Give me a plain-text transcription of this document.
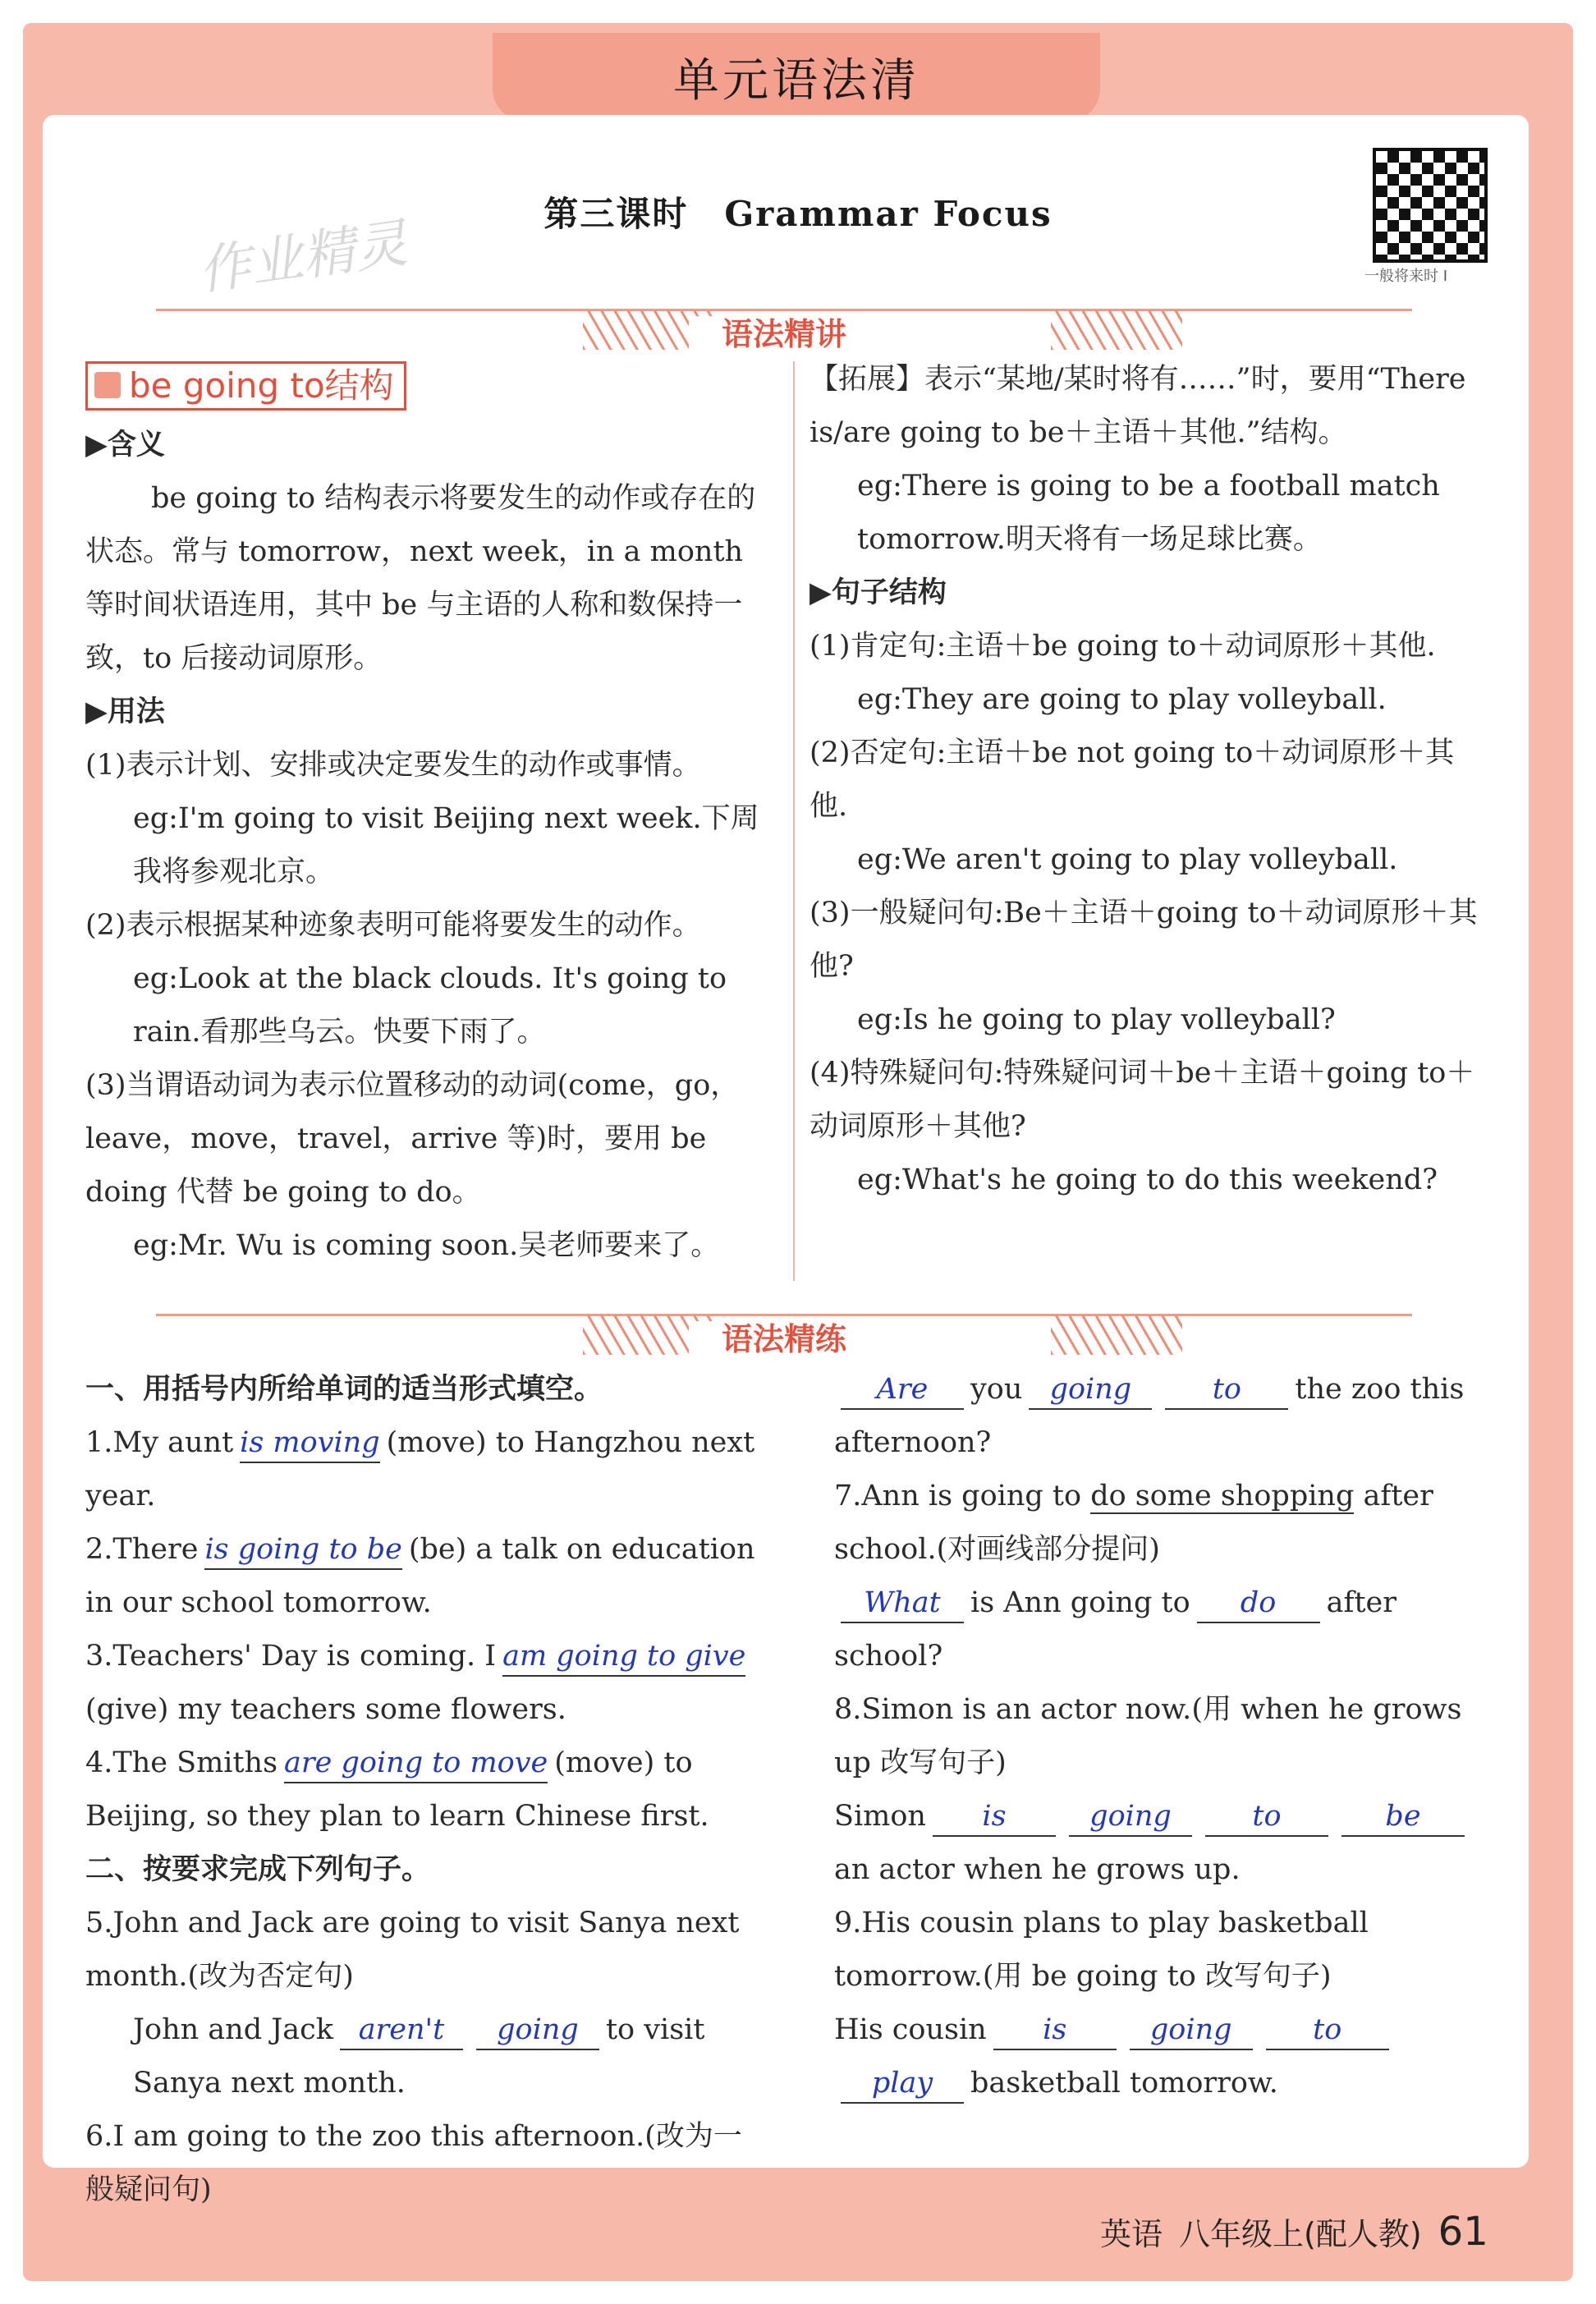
单元语法清
第三课时　Grammar Focus
一般将来时 I
作业精灵
语法精讲
be going to结构

▶含义

be going to 结构表示将要发生的动作或存在的状态。常与 tomorrow，next week，in a month 等时间状语连用，其中 be 与主语的人称和数保持一致，to 后接动词原形。

▶用法

(1)表示计划、安排或决定要发生的动作或事情。

eg:I'm going to visit Beijing next week.下周我将参观北京。

(2)表示根据某种迹象表明可能将要发生的动作。

eg:Look at the black clouds. It's going to rain.看那些乌云。快要下雨了。

(3)当谓语动词为表示位置移动的动词(come，go，leave，move，travel，arrive 等)时，要用 be doing 代替 be going to do。

eg:Mr. Wu is coming soon.吴老师要来了。

【拓展】表示“某地/某时将有……”时，要用“There is/are going to be＋主语＋其他.”结构。

eg:There is going to be a football match tomorrow.明天将有一场足球比赛。

▶句子结构

(1)肯定句:主语＋be going to＋动词原形＋其他.

eg:They are going to play volleyball.

(2)否定句:主语＋be not going to＋动词原形＋其他.

eg:We aren't going to play volleyball.

(3)一般疑问句:Be＋主语＋going to＋动词原形＋其他?

eg:Is he going to play volleyball?

(4)特殊疑问句:特殊疑问词＋be＋主语＋going to＋动词原形＋其他?

eg:What's he going to do this weekend?

语法精练

一、用括号内所给单词的适当形式填空。

1.My aunt is moving (move) to Hangzhou next year.

2.There is going to be (be) a talk on education in our school tomorrow.

3.Teachers' Day is coming. I am going to give(give) my teachers some flowers.

4.The Smiths are going to move (move) to Beijing, so they plan to learn Chinese first.

二、按要求完成下列句子。

5.John and Jack are going to visit Sanya next month.(改为否定句)

John and Jack aren't going to visit Sanya next month.

6.I am going to the zoo this afternoon.(改为一般疑问句)

Are you going	to the zoo this afternoon?

7.Ann is going to do some shopping after school.(对画线部分提问)

What is Ann going to do after school?

8.Simon is an actor now.(用 when he grows up 改写句子)

Simon is	going	to	bean actor when he grows up.

9.His cousin plans to play basketball tomorrow.(用 be going to 改写句子)

His cousin is	going	toplay basketball tomorrow.

英语 八年级上(配人教) 61
